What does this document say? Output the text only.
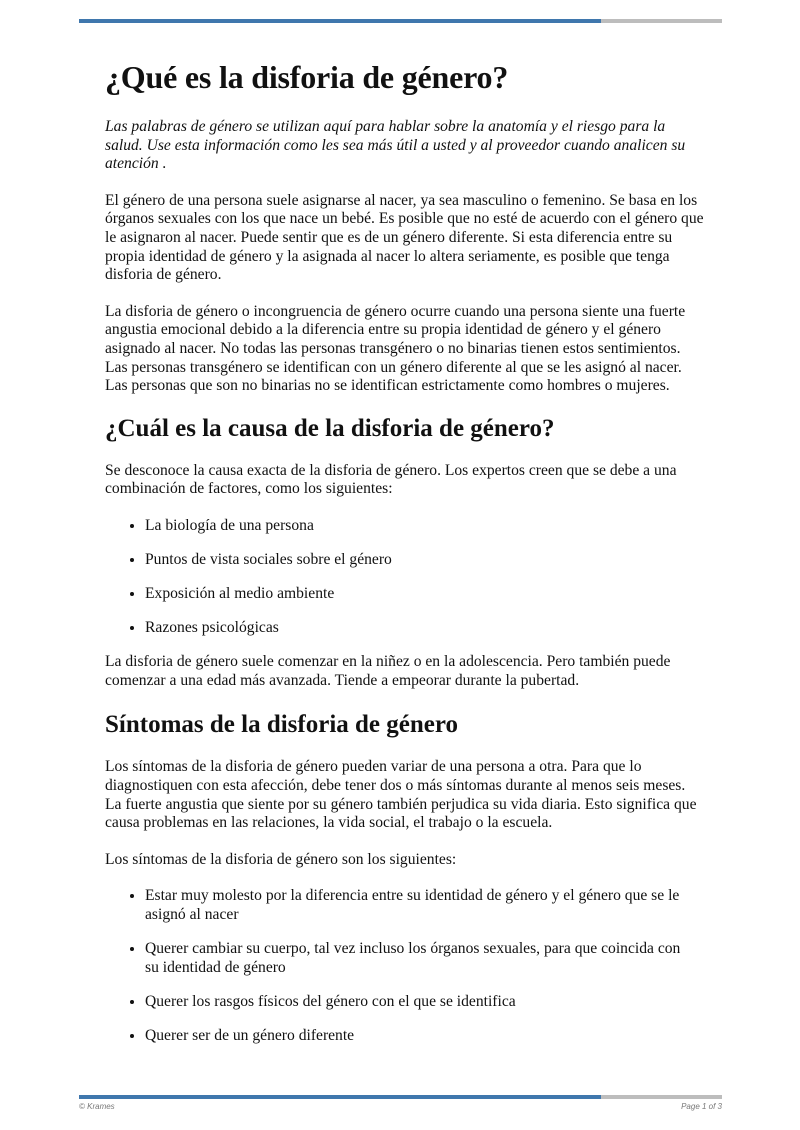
¿Qué es la disforia de género?

Las palabras de género se utilizan aquí para hablar sobre la anatomía y el riesgo para la salud. Use esta información como les sea más útil a usted y al proveedor cuando analicen su atención .

El género de una persona suele asignarse al nacer, ya sea masculino o femenino. Se basa en los órganos sexuales con los que nace un bebé. Es posible que no esté de acuerdo con el género que le asignaron al nacer. Puede sentir que es de un género diferente. Si esta diferencia entre su propia identidad de género y la asignada al nacer lo altera seriamente, es posible que tenga disforia de género.

La disforia de género o incongruencia de género ocurre cuando una persona siente una fuerte angustia emocional debido a la diferencia entre su propia identidad de género y el género asignado al nacer. No todas las personas transgénero o no binarias tienen estos sentimientos. Las personas transgénero se identifican con un género diferente al que se les asignó al nacer. Las personas que son no binarias no se identifican estrictamente como hombres o mujeres.

¿Cuál es la causa de la disforia de género?

Se desconoce la causa exacta de la disforia de género. Los expertos creen que se debe a una combinación de factores, como los siguientes:

• La biología de una persona
• Puntos de vista sociales sobre el género
• Exposición al medio ambiente
• Razones psicológicas

La disforia de género suele comenzar en la niñez o en la adolescencia. Pero también puede comenzar a una edad más avanzada. Tiende a empeorar durante la pubertad.

Síntomas de la disforia de género

Los síntomas de la disforia de género pueden variar de una persona a otra. Para que lo diagnostiquen con esta afección, debe tener dos o más síntomas durante al menos seis meses. La fuerte angustia que siente por su género también perjudica su vida diaria. Esto significa que causa problemas en las relaciones, la vida social, el trabajo o la escuela.

Los síntomas de la disforia de género son los siguientes:

• Estar muy molesto por la diferencia entre su identidad de género y el género que se le asignó al nacer
• Querer cambiar su cuerpo, tal vez incluso los órganos sexuales, para que coincida con su identidad de género
• Querer los rasgos físicos del género con el que se identifica
• Querer ser de un género diferente
© Krames	Page 1 of 3
